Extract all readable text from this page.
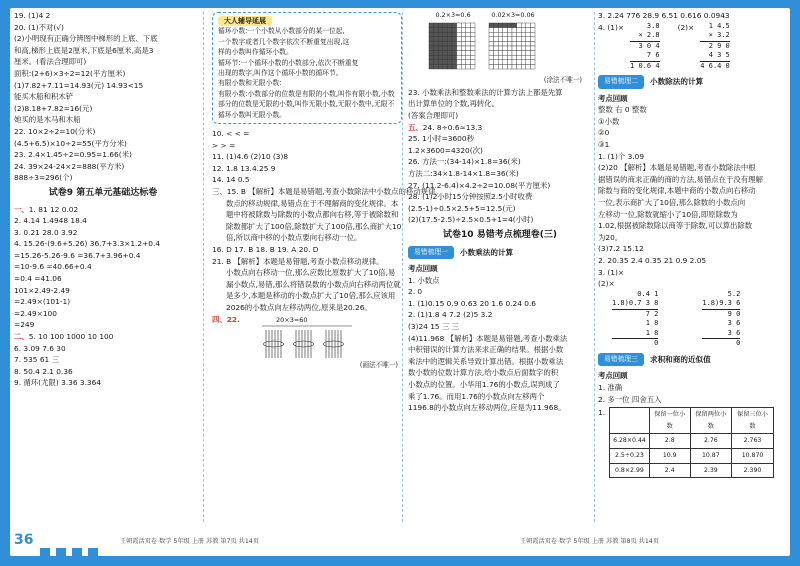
19. (1)4 2
20. (1)不对(√)
(2)小明现有正确分辨图中梯形的上底、下底
和高,梯形上底是2厘米,下底是6厘米,高是3
厘米。(看法合理即可)
面积:(2+6)×3÷2=12(平方厘米)
(1)7.82+7.11=14.93(元) 14.93<15
能买木船和积木铲
(2)8.18+7.82=16(元)
她买的是木马和木船
22. 10×2÷2=10(分米)
(4.5+6.5)×10÷2=55(平方分米)
23. 2.4×1.45÷2=0.95=1.66(米)
24. 39×24-24×2=888(平方米)
888÷3=296(个)
试卷9 第五单元基础达标卷
一、1. 81 12 0.02
2. 4.14 1.4948 18.4
3. 0.21 28.0 3.92
4. 15.26-(9.6+5.26) 36.7+3.3×1.2+0.4
=15.26-5.26-9.6 =36.7+3.96+0.4
=10-9.6 =40.66+0.4
=0.4 =41.06
101×2.49-2.49
=2.49×(101-1)
=2.49×100
=249
二、5. 10 100 1000 10 100
6. 3.09 7.6 30
7. 535 61 三
8. 50.4 2.1 0.36
9. 循环(尤限) 3.36 3.364
大人辅导延展
循环小数:一个小数从小数部分的某一位起,
一个数字或者几个数字依次不断重复出现,这
样的小数叫作循环小数。
循环节:一个循环小数的小数部分,依次不断重复
出现的数字,叫作这个循环小数的循环节。
有限小数和无限小数:
有限小数:小数部分的位数是有限的小数,叫作有限小数,小数部分的位数是无限的小数,叫作无限小数,无限小数中,无限不循环小数叫无限小数。
10. < < =
> > =
11. (1)4.6 (2)10 (3)8
12. 1.8 13.4.25 9
14. 14 0.5
三、15. B 【解析】本题是易错题,考查小数除法中小数点的移动规律。
数点的移动规律,易错点在于不理解商的变化规律。本题中将被除数与除数的小数点都向右移,等于被除数和除数都扩大了100倍,除数扩大了100倍,那么商扩大10倍,所以商中移的小数点要向右移动一位。
16. D 17. B 18. B 19. A 20. D
21. B 【解析】本题是易错题,考查小数点移动规律。
小数点向右移动一位,那么应数比原数扩大了10倍,易漏小数点,易错,那么将错误数的小数点向右移动两位就是多少,本题是移动的小数点扩大了10倍,那么应该用2026的小数点向左移动两位,原来是20.26。
四、22.	20×3=60
(画法不唯一)
0.2×3=0.6	0.02×3=0.06
(涂法不唯一)
23. 小数乘法和整数乘法的计算方法上都是先算
出计算单位的个数,再转化。
(答案合理即可)
五、24. 8÷0.6≈13.3
25. 1小时=3600秒
1.2×3600=4320(次)
26. 方法一:(34-14)×1.8=36(米)
方法二:34×1.8-14×1.8=36(米)
27. (11.2-6.4)×4.2÷2=10.08(平方厘米)
28. (1)2小时15分钟按照2.5小时收费
(2.5-1)÷0.5×2.5+5=12.5(元)
(2)(17.5-2.5)÷2.5×0.5+1=4(小时)
试卷10 易错考点梳理卷(三)
易错梳理一	小数乘法的计算
考点回顾
1. 小数点
2. 0
1. (1)0.15 0.9 0.63 20 1.6 0.24 0.6
2. (1)1.8 4 7.2 (2)5 3.2
(3)24 15 三 三
(4)11.968 【解析】本题是易错题,考查小数乘法
中积错误的计算方法来求正确的结果。根据小数
乘法中的逻辑关系导致计算出错。根据小数乘法
数小数的位数计算方法,给小数点后面数字的积
小数点的位置。小华用1.76的小数点,误判成了
乘了1.76。而用1.76的小数点向左移两个
1196.8的小数点向左移动两位,应是为11.968。
3. 2.24 776 28.9 6.51 0.616 0.0943
4. (1)×	3.8
× 2.8
3 0 4
7 6
1 0.6 4
(2)×	1 4.5
× 3.2
2 9 0
4 3 5
4 6.4 0
易错梳理二	小数除法的计算
考点回顾
整数 右 0 整数
①小数
②0
③1
1. (1)个 3.09
(2)20 【解析】本题是易错题,考查小数除法中根
据错误的商求正确的商的方法,易错点在于没有理解
除数与商的变化规律,本题中商的小数点向右移动
一位,表示商扩大了10倍,那么除数的小数点向
左移动一位,除数就缩小了10倍,即原除数为
1.02,根据被除数除以商等于除数,可以算出除数
为20。
(3)7.2 15.12
2. 20.35 2.4 0.35 21 0.9 2.05
3. (1)×
(2)×
0.4 1
1.8)0.7 3 8
7 2
1 8
1 8
0
5.2
1.8)9.3 6
9 0
3 6
3 6
0
易错梳理三	求积和商的近似值
考点回顾
1. 准确
2. 多一位 四舍五入
1.
		保留一位小数	保留两位小数	保留三位小数
6.28×0.44	2.8	2.76	2.763
2.5÷0.23	10.9	10.87	10.870
0.8×2.99	2.4	2.39	2.390
36	王朝霞活页卷 数学 5年级 上册 苏教 第7页 共14页	王朝霞活页卷 数学 5年级 上册 苏教 第8页 共14页
